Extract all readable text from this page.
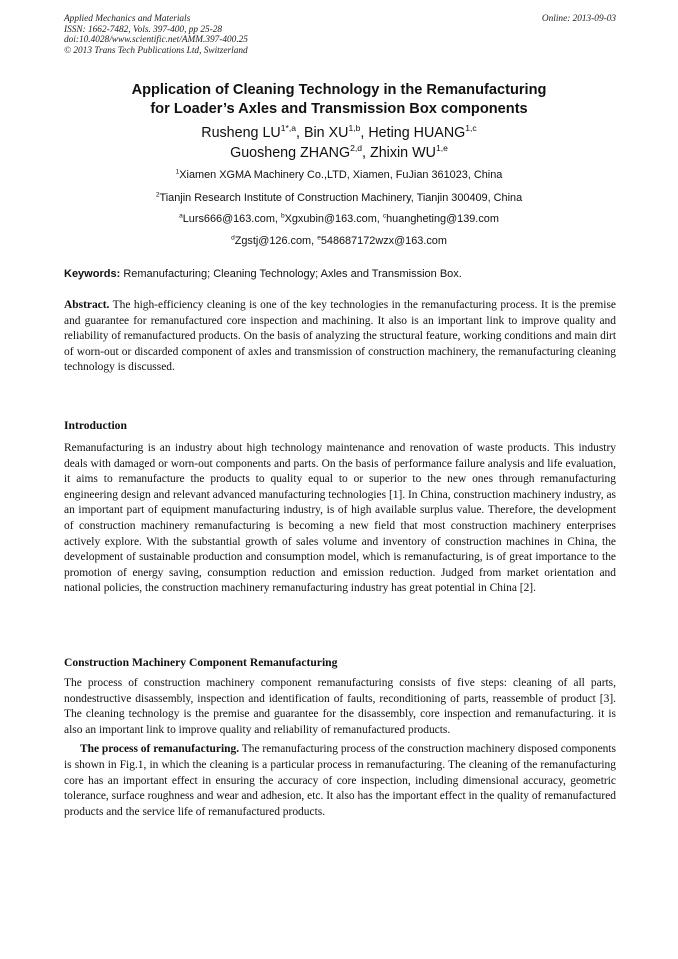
Applied Mechanics and Materials
ISSN: 1662-7482, Vols. 397-400, pp 25-28
doi:10.4028/www.scientific.net/AMM.397-400.25
© 2013 Trans Tech Publications Ltd, Switzerland
Online: 2013-09-03
Application of Cleaning Technology in the Remanufacturing
for Loader’s Axles and Transmission Box components
Rusheng $LU^{1*,a}$, Bin XU$^{1,b}$, Heting HUANG$^{1,c}$
Guosheng ZHANG$^{2,d}$, Zhixin WU$^{1,e}$
$^1$Xiamen XGMA Machinery Co.,LTD, Xiamen, FuJian 361023, China
$^2$Tianjin Research Institute of Construction Machinery, Tianjin 300409, China
$^a$Lurs666@163.com, $^b$Xgxubin@163.com, $^c$huangheting@139.com
$^d$Zgstj@126.com, $^e$548687172wzx@163.com
Keywords: Remanufacturing; Cleaning Technology; Axles and Transmission Box.

Abstract. The high-efficiency cleaning is one of the key technologies in the remanufacturing process. It is the premise and guarantee for remanufactured core inspection and machining. It also is an important link to improve quality and reliability of remanufactured products. On the basis of analyzing the structural feature, working conditions and main dirt of worn-out or discarded component of axles and transmission of construction machinery, the remanufacturing cleaning technology is discussed.

Introduction

Remanufacturing is an industry about high technology maintenance and renovation of waste products. This industry deals with damaged or worn-out components and parts. On the basis of performance failure analysis and life evaluation, it aims to remanufacture the products to quality equal to or superior to the new ones through remanufacturing engineering design and relevant advanced manufacturing technologies [1]. In China, construction machinery industry, as an important part of equipment manufacturing industry, is of high available surplus value. Therefore, the development of construction machinery remanufacturing is becoming a new field that most construction machinery enterprises actively explore. With the substantial growth of sales volume and inventory of construction machines in China, the development of sustainable production and consumption model, which is remanufacturing, is of great importance to the promotion of energy saving, consumption reduction and emission reduction. Judged from market orientation and national policies, the construction machinery remanufacturing industry has great potential in China [2].

Construction Machinery Component Remanufacturing

The process of construction machinery component remanufacturing consists of five steps: cleaning of all parts, nondestructive disassembly, inspection and identification of faults, reconditioning of parts, reassemble of product [3]. The cleaning technology is the premise and guarantee for the disassembly, core inspection and remanufacturing. it is also an important link to improve quality and reliability of remanufactured products.

The process of remanufacturing. The remanufacturing process of the construction machinery disposed components is shown in Fig.1, in which the cleaning is a particular process in remanufacturing. The cleaning of the remanufacturing core has an important effect in ensuring the accuracy of core inspection, including dimensional accuracy, geometric tolerance, surface roughness and wear and adhesion, etc. It also has the important effect in the quality of remanufactured products and the service life of remanufactured products.
